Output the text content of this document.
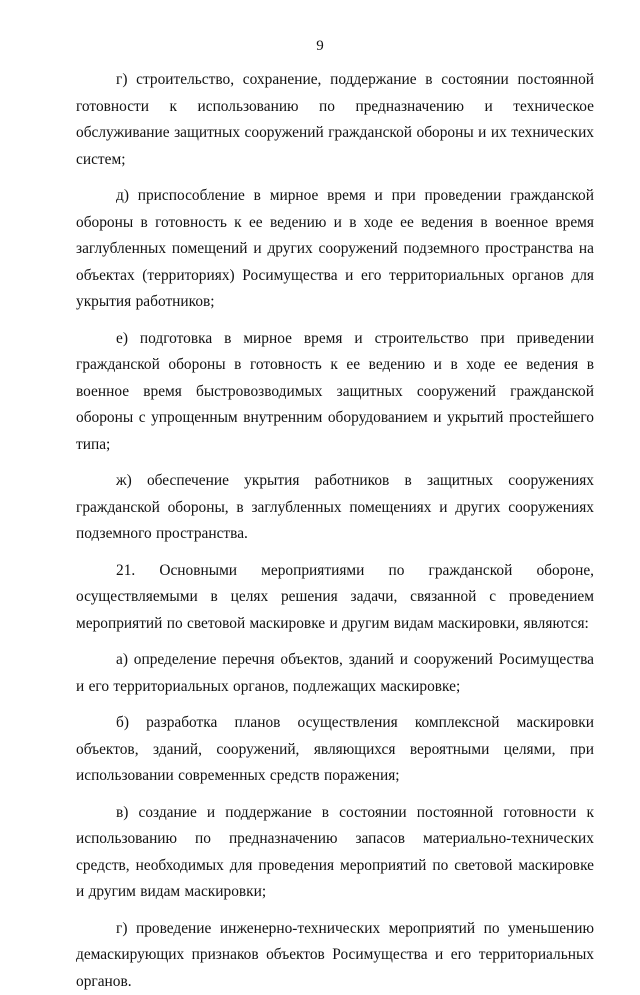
9

г) строительство, сохранение, поддержание в состоянии постоянной готовности к использованию по предназначению и техническое обслуживание защитных сооружений гражданской обороны и их технических систем;

д) приспособление в мирное время и при проведении гражданской обороны в готовность к ее ведению и в ходе ее ведения в военное время заглубленных помещений и других сооружений подземного пространства на объектах (территориях) Росимущества и его территориальных органов для укрытия работников;

е) подготовка в мирное время и строительство при приведении гражданской обороны в готовность к ее ведению и в ходе ее ведения в военное время быстровозводимых защитных сооружений гражданской обороны с упрощенным внутренним оборудованием и укрытий простейшего типа;

ж) обеспечение укрытия работников в защитных сооружениях гражданской обороны, в заглубленных помещениях и других сооружениях подземного пространства.

21. Основными мероприятиями по гражданской обороне, осуществляемыми в целях решения задачи, связанной с проведением мероприятий по световой маскировке и другим видам маскировки, являются:

а) определение перечня объектов, зданий и сооружений Росимущества и его территориальных органов, подлежащих маскировке;

б) разработка планов осуществления комплексной маскировки объектов, зданий, сооружений, являющихся вероятными целями, при использовании современных средств поражения;

в) создание и поддержание в состоянии постоянной готовности к использованию по предназначению запасов материально-технических средств, необходимых для проведения мероприятий по световой маскировке и другим видам маскировки;

г) проведение инженерно-технических мероприятий по уменьшению демаскирующих признаков объектов Росимущества и его территориальных органов.
